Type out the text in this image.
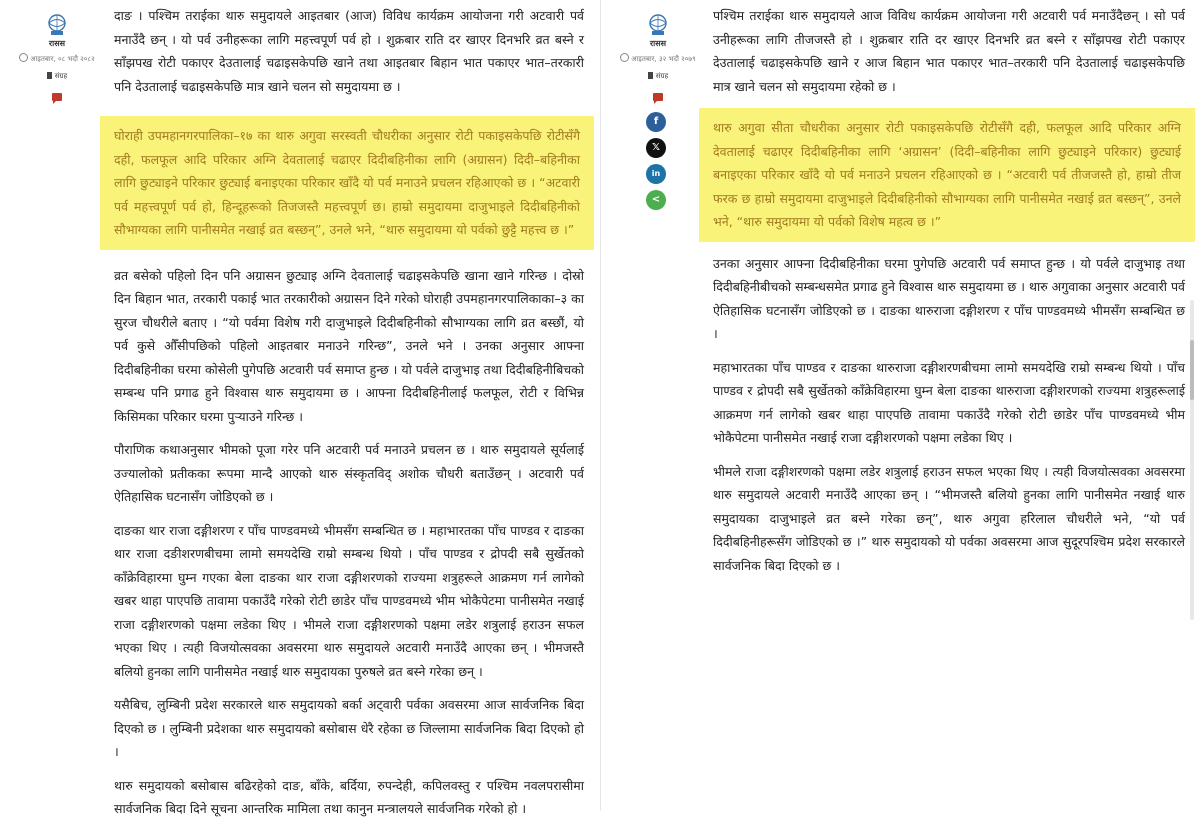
रासस
आइतबार, ०८ भदौ २०८२
संग्रह

दाङ । पश्चिम तराईका थारु समुदायले आइतबार (आज) विविध कार्यक्रम आयोजना गरी अटवारी पर्व मनाउँदै छन् । यो पर्व उनीहरूका लागि महत्त्वपूर्ण पर्व हो । शुक्रबार राति दर खाएर दिनभरि व्रत बस्ने र साँझपख रोटी पकाएर देउतालाई चढाइसकेपछि खाने तथा आइतबार बिहान भात पकाएर भात–तरकारी पनि देउतालाई चढाइसकेपछि मात्र खाने चलन सो समुदायमा छ ।

घोराही उपमहानगरपालिका–१७ का थारु अगुवा सरस्वती चौधरीका अनुसार रोटी पकाइसकेपछि रोटीसँगै दही, फलफूल आदि परिकार अग्नि देवतालाई चढाएर दिदीबहिनीका लागि (अग्रासन) दिदी–बहिनीका लागि छुट्याइने परिकार छुट्याई बनाइएका परिकार खाँदै यो पर्व मनाउने प्रचलन रहिआएको छ । “अटवारी पर्व महत्त्वपूर्ण पर्व हो, हिन्दूहरूको तिजजस्तै महत्त्वपूर्ण छ। हाम्रो समुदायमा दाजुभाइले दिदीबहिनीको सौभाग्यका लागि पानीसमेत नखाई व्रत बस्छन्”, उनले भने, “थारु समुदायमा यो पर्वको छुट्टै महत्त्व छ ।”

व्रत बसेको पहिलो दिन पनि अग्रासन छुट्याइ अग्नि देवतालाई चढाइसकेपछि खाना खाने गरिन्छ । दोस्रो दिन बिहान भात, तरकारी पकाई भात तरकारीको अग्रासन दिने गरेको घोराही उपमहानगरपालिकाका–३ का सुरज चौधरीले बताए । “यो पर्वमा विशेष गरी दाजुभाइले दिदीबहिनीको सौभाग्यका लागि व्रत बस्छौं, यो पर्व कुसे औँसीपछिको पहिलो आइतबार मनाउने गरिन्छ”, उनले भने । उनका अनुसार आफ्ना दिदीबहिनीका घरमा कोसेली पुगेपछि अटवारी पर्व समाप्त हुन्छ । यो पर्वले दाजुभाइ तथा दिदीबहिनीबिचको सम्बन्ध पनि प्रगाढ हुने विश्वास थारु समुदायमा छ । आफ्ना दिदीबहिनीलाई फलफूल, रोटी र विभिन्न किसिमका परिकार घरमा पुर्‍याउने गरिन्छ ।

पौराणिक कथाअनुसार भीमको पूजा गरेर पनि अटवारी पर्व मनाउने प्रचलन छ । थारु समुदायले सूर्यलाई उज्यालोको प्रतीकका रूपमा मान्दै आएको थारु संस्कृतविद् अशोक चौधरी बताउँछन् । अटवारी पर्व ऐतिहासिक घटनासँग जोडिएको छ ।

दाङका थार राजा दङ्गीशरण र पाँच पाण्डवमध्ये भीमसँग सम्बन्धित छ । महाभारतका पाँच पाण्डव र दाङका थार राजा दङीशरणबीचमा लामो समयदेखि राम्रो सम्बन्ध थियो । पाँच पाण्डव र द्रोपदी सबै सुर्खेतको काँक्रेविहारमा घुम्न गएका बेला दाङका थार राजा दङ्गीशरणको राज्यमा शत्रुहरूले आक्रमण गर्न लागेको खबर थाहा पाएपछि तावामा पकाउँदै गरेको रोटी छाडेर पाँच पाण्डवमध्ये भीम भोकैपेटमा पानीसमेत नखाई राजा दङ्गीशरणको पक्षमा लडेका थिए । भीमले राजा दङ्गीशरणको पक्षमा लडेर शत्रुलाई हराउन सफल भएका थिए । त्यही विजयोत्सवका अवसरमा थारु समुदायले अटवारी मनाउँदै आएका छन् । भीमजस्तै बलियो हुनका लागि पानीसमेत नखाई थारु समुदायका पुरुषले व्रत बस्ने गरेका छन् ।

यसैबिच, लुम्बिनी प्रदेश सरकारले थारु समुदायको बर्का अट्वारी पर्वका अवसरमा आज सार्वजनिक बिदा दिएको छ । लुम्बिनी प्रदेशका थारु समुदायको बसोबास धेरै रहेका छ जिल्लामा सार्वजनिक बिदा दिएको हो ।

थारु समुदायको बसोबास बढिरहेको दाङ, बाँके, बर्दिया, रुपन्देही, कपिलवस्तु र पश्चिम नवलपरासीमा सार्वजनिक बिदा दिने सूचना आन्तरिक मामिला तथा कानुन मन्त्रालयले सार्वजनिक गरेको हो ।

रासस
आइतबार, ३२ भदौ २०७९
संग्रह
f
𝕏
in
<

पश्चिम तराईका थारु समुदायले आज विविध कार्यक्रम आयोजना गरी अटवारी पर्व मनाउँदैछन् । सो पर्व उनीहरूका लागि तीजजस्तै हो । शुक्रबार राति दर खाएर दिनभरि व्रत बस्ने र साँझपख रोटी पकाएर देउतालाई चढाइसकेपछि खाने र आज बिहान भात पकाएर भात–तरकारी पनि देउतालाई चढाइसकेपछि मात्र खाने चलन सो समुदायमा रहेको छ ।

थारु अगुवा सीता चौधरीका अनुसार रोटी पकाइसकेपछि रोटीसँगै दही, फलफूल आदि परिकार अग्नि देवतालाई चढाएर दिदीबहिनीका लागि ‘अग्रासन’ (दिदी–बहिनीका लागि छुट्याइने परिकार) छुट्याई बनाइएका परिकार खाँदै यो पर्व मनाउने प्रचलन रहिआएको छ । “अटवारी पर्व तीजजस्तै हो, हाम्रो तीज फरक छ हाम्रो समुदायमा दाजुभाइले दिदीबहिनीको सौभाग्यका लागि पानीसमेत नखाई व्रत बस्छन्”, उनले भने, “थारु समुदायमा यो पर्वको विशेष महत्व छ ।”

उनका अनुसार आफ्ना दिदीबहिनीका घरमा पुगेपछि अटवारी पर्व समाप्त हुन्छ । यो पर्वले दाजुभाइ तथा दिदीबहिनीबीचको सम्बन्धसमेत प्रगाढ हुने विश्वास थारु समुदायमा छ । थारु अगुवाका अनुसार अटवारी पर्व ऐतिहासिक घटनासँग जोडिएको छ । दाङका थारुराजा दङ्गीशरण र पाँच पाण्डवमध्ये भीमसँग सम्बन्धित छ ।

महाभारतका पाँच पाण्डव र दाङका थारुराजा दङ्गीशरणबीचमा लामो समयदेखि राम्रो सम्बन्ध थियो । पाँच पाण्डव र द्रोपदी सबै सुर्खेतको काँक्रेविहारमा घुम्न बेला दाङका थारुराजा दङ्गीशरणको राज्यमा शत्रुहरूलाई आक्रमण गर्न लागेको खबर थाहा पाएपछि तावामा पकाउँदै गरेको रोटी छाडेर पाँच पाण्डवमध्ये भीम भोकैपेटमा पानीसमेत नखाई राजा दङ्गीशरणको पक्षमा लडेका थिए ।

भीमले राजा दङ्गीशरणको पक्षमा लडेर शत्रुलाई हराउन सफल भएका थिए । त्यही विजयोत्सवका अवसरमा थारु समुदायले अटवारी मनाउँदै आएका छन् । “भीमजस्तै बलियो हुनका लागि पानीसमेत नखाई थारु समुदायका दाजुभाइले व्रत बस्ने गरेका छन्”, थारु अगुवा हरिलाल चौधरीले भने, “यो पर्व दिदीबहिनीहरूसँग जोडिएको छ ।” थारु समुदायको यो पर्वका अवसरमा आज सुदूरपश्चिम प्रदेश सरकारले सार्वजनिक बिदा दिएको छ ।
